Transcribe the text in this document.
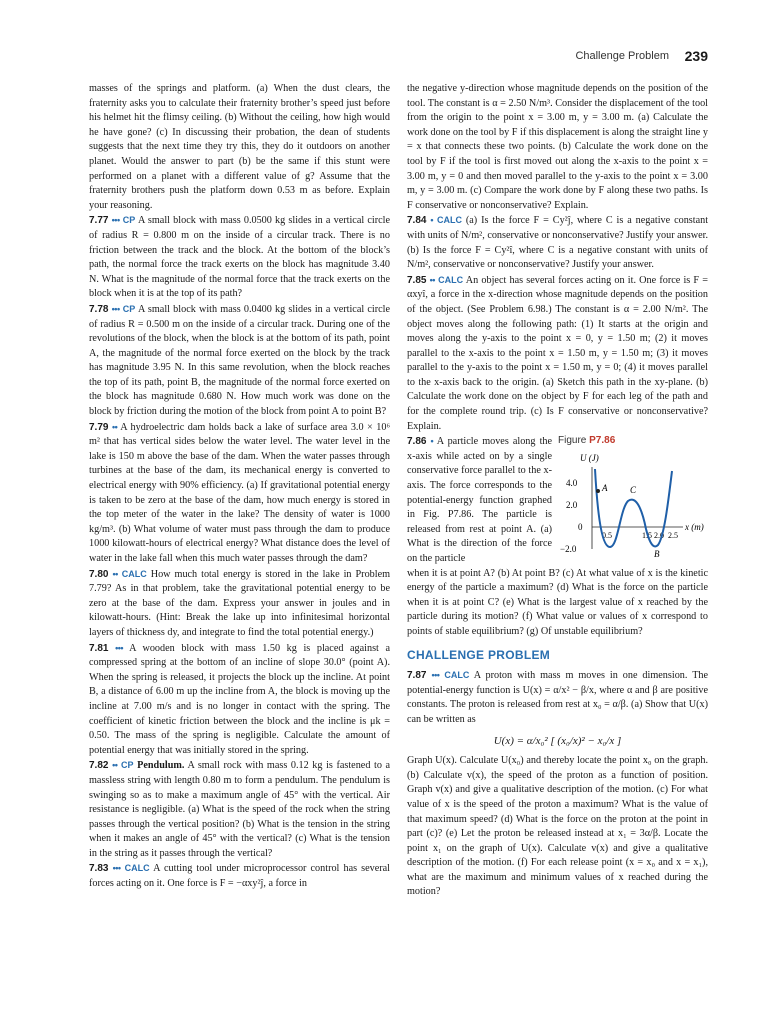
Challenge Problem 239

masses of the springs and platform. (a) When the dust clears, the fraternity asks you to calculate their fraternity brother’s speed just before his helmet hit the flimsy ceiling. (b) Without the ceiling, how high would he have gone? (c) In discussing their probation, the dean of students suggests that the next time they try this, they do it outdoors on another planet. Would the answer to part (b) be the same if this stunt were performed on a planet with a different value of g? Assume that the fraternity brothers push the platform down 0.53 m as before. Explain your reasoning.

7.77 ••• CP A small block with mass 0.0500 kg slides in a vertical circle of radius R = 0.800 m on the inside of a circular track. There is no friction between the track and the block. At the bottom of the block’s path, the normal force the track exerts on the block has magnitude 3.40 N. What is the magnitude of the normal force that the track exerts on the block when it is at the top of its path?

7.78 ••• CP A small block with mass 0.0400 kg slides in a vertical circle of radius R = 0.500 m on the inside of a circular track. During one of the revolutions of the block, when the block is at the bottom of its path, point A, the magnitude of the normal force exerted on the block by the track has magnitude 3.95 N. In this same revolution, when the block reaches the top of its path, point B, the magnitude of the normal force exerted on the block has magnitude 0.680 N. How much work was done on the block by friction during the motion of the block from point A to point B?

7.79 •• A hydroelectric dam holds back a lake of surface area 3.0 × 10⁶ m² that has vertical sides below the water level. The water level in the lake is 150 m above the base of the dam. When the water passes through turbines at the base of the dam, its mechanical energy is converted to electrical energy with 90% efficiency. (a) If gravitational potential energy is taken to be zero at the base of the dam, how much energy is stored in the top meter of the water in the lake? The density of water is 1000 kg/m³. (b) What volume of water must pass through the dam to produce 1000 kilowatt-hours of electrical energy? What distance does the level of water in the lake fall when this much water passes through the dam?

7.80 •• CALC How much total energy is stored in the lake in Problem 7.79? As in that problem, take the gravitational potential energy to be zero at the base of the dam. Express your answer in joules and in kilowatt-hours. (Hint: Break the lake up into infinitesimal horizontal layers of thickness dy, and integrate to find the total potential energy.)

7.81 ••• A wooden block with mass 1.50 kg is placed against a compressed spring at the bottom of an incline of slope 30.0° (point A). When the spring is released, it projects the block up the incline. At point B, a distance of 6.00 m up the incline from A, the block is moving up the incline at 7.00 m/s and is no longer in contact with the spring. The coefficient of kinetic friction between the block and the incline is μk = 0.50. The mass of the spring is negligible. Calculate the amount of potential energy that was initially stored in the spring.

7.82 •• CP Pendulum. A small rock with mass 0.12 kg is fastened to a massless string with length 0.80 m to form a pendulum. The pendulum is swinging so as to make a maximum angle of 45° with the vertical. Air resistance is negligible. (a) What is the speed of the rock when the string passes through the vertical position? (b) What is the tension in the string when it makes an angle of 45° with the vertical? (c) What is the tension in the string as it passes through the vertical?

7.83 ••• CALC A cutting tool under microprocessor control has several forces acting on it. One force is F = −αxy²ĵ, a force in

the negative y-direction whose magnitude depends on the position of the tool. The constant is α = 2.50 N/m³. Consider the displacement of the tool from the origin to the point x = 3.00 m, y = 3.00 m. (a) Calculate the work done on the tool by F if this displacement is along the straight line y = x that connects these two points. (b) Calculate the work done on the tool by F if the tool is first moved out along the x-axis to the point x = 3.00 m, y = 0 and then moved parallel to the y-axis to the point x = 3.00 m, y = 3.00 m. (c) Compare the work done by F along these two paths. Is F conservative or nonconservative? Explain.

7.84 • CALC (a) Is the force F = Cy²ĵ, where C is a negative constant with units of N/m², conservative or nonconservative? Justify your answer. (b) Is the force F = Cy²î, where C is a negative constant with units of N/m², conservative or nonconservative? Justify your answer.

7.85 •• CALC An object has several forces acting on it. One force is F = αxyî, a force in the x-direction whose magnitude depends on the position of the object. (See Problem 6.98.) The constant is α = 2.00 N/m². The object moves along the following path: (1) It starts at the origin and moves along the y-axis to the point x = 0, y = 1.50 m; (2) it moves parallel to the x-axis to the point x = 1.50 m, y = 1.50 m; (3) it moves parallel to the y-axis to the point x = 1.50 m, y = 0; (4) it moves parallel to the x-axis back to the origin. (a) Sketch this path in the xy-plane. (b) Calculate the work done on the object by F for each leg of the path and for the complete round trip. (c) Is F conservative or nonconservative? Explain.

7.86 • A particle moves along the x-axis while acted on by a single conservative force parallel to the x-axis. The force corresponds to the potential-energy function graphed in Fig. P7.86. The particle is released from rest at point A. (a) What is the direction of the force on the particle

Figure P7.86
U (J)
4.0
2.0
0
−2.0
x (m)
0.5	1.5 2.0 2.5
A
B
C

when it is at point A? (b) At point B? (c) At what value of x is the kinetic energy of the particle a maximum? (d) What is the force on the particle when it is at point C? (e) What is the largest value of x reached by the particle during its motion? (f) What value or values of x correspond to points of stable equilibrium? (g) Of unstable equilibrium?

CHALLENGE PROBLEM

7.87 ••• CALC A proton with mass m moves in one dimension. The potential-energy function is U(x) = α/x² − β/x, where α and β are positive constants. The proton is released from rest at x₀ = α/β. (a) Show that U(x) can be written as

U(x) = α/x₀² [ (x₀/x)² − x₀/x ]

Graph U(x). Calculate U(x₀) and thereby locate the point x₀ on the graph. (b) Calculate v(x), the speed of the proton as a function of position. Graph v(x) and give a qualitative description of the motion. (c) For what value of x is the speed of the proton a maximum? What is the value of that maximum speed? (d) What is the force on the proton at the point in part (c)? (e) Let the proton be released instead at x₁ = 3α/β. Locate the point x₁ on the graph of U(x). Calculate v(x) and give a qualitative description of the motion. (f) For each release point (x = x₀ and x = x₁), what are the maximum and minimum values of x reached during the motion?
